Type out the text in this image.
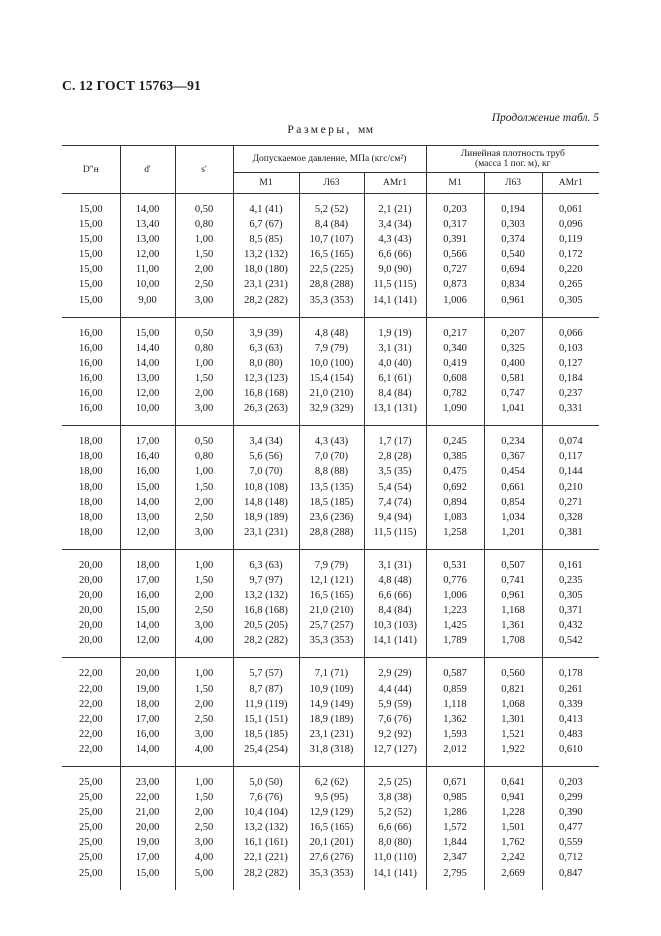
С. 12 ГОСТ 15763—91
Продолжение табл. 5
Размеры, мм
D"н	d'	s'	Допускаемое давление, МПа (кгс/см²)			Линейная плотность труб
(масса 1 пог. м), кг		
			М1	Л63	АМг1	М1	Л63	АМг1
15,00	14,00	0,50	4,1 (41)	5,2 (52)	2,1 (21)	0,203	0,194	0,061
15,00	13,40	0,80	6,7 (67)	8,4 (84)	3,4 (34)	0,317	0,303	0,096
15,00	13,00	1,00	8,5 (85)	10,7 (107)	4,3 (43)	0,391	0,374	0,119
15,00	12,00	1,50	13,2 (132)	16,5 (165)	6,6 (66)	0,566	0,540	0,172
15,00	11,00	2,00	18,0 (180)	22,5 (225)	9,0 (90)	0,727	0,694	0,220
15,00	10,00	2,50	23,1 (231)	28,8 (288)	11,5 (115)	0,873	0,834	0,265
15,00	9,00	3,00	28,2 (282)	35,3 (353)	14,1 (141)	1,006	0,961	0,305
16,00	15,00	0,50	3,9 (39)	4,8 (48)	1,9 (19)	0,217	0,207	0,066
16,00	14,40	0,80	6,3 (63)	7,9 (79)	3,1 (31)	0,340	0,325	0,103
16,00	14,00	1,00	8,0 (80)	10,0 (100)	4,0 (40)	0,419	0,400	0,127
16,00	13,00	1,50	12,3 (123)	15,4 (154)	6,1 (61)	0,608	0,581	0,184
16,00	12,00	2,00	16,8 (168)	21,0 (210)	8,4 (84)	0,782	0,747	0,237
16,00	10,00	3,00	26,3 (263)	32,9 (329)	13,1 (131)	1,090	1,041	0,331
18,00	17,00	0,50	3,4 (34)	4,3 (43)	1,7 (17)	0,245	0,234	0,074
18,00	16,40	0,80	5,6 (56)	7,0 (70)	2,8 (28)	0,385	0,367	0,117
18,00	16,00	1,00	7,0 (70)	8,8 (88)	3,5 (35)	0,475	0,454	0,144
18,00	15,00	1,50	10,8 (108)	13,5 (135)	5,4 (54)	0,692	0,661	0,210
18,00	14,00	2,00	14,8 (148)	18,5 (185)	7,4 (74)	0,894	0,854	0,271
18,00	13,00	2,50	18,9 (189)	23,6 (236)	9,4 (94)	1,083	1,034	0,328
18,00	12,00	3,00	23,1 (231)	28,8 (288)	11,5 (115)	1,258	1,201	0,381
20,00	18,00	1,00	6,3 (63)	7,9 (79)	3,1 (31)	0,531	0,507	0,161
20,00	17,00	1,50	9,7 (97)	12,1 (121)	4,8 (48)	0,776	0,741	0,235
20,00	16,00	2,00	13,2 (132)	16,5 (165)	6,6 (66)	1,006	0,961	0,305
20,00	15,00	2,50	16,8 (168)	21,0 (210)	8,4 (84)	1,223	1,168	0,371
20,00	14,00	3,00	20,5 (205)	25,7 (257)	10,3 (103)	1,425	1,361	0,432
20,00	12,00	4,00	28,2 (282)	35,3 (353)	14,1 (141)	1,789	1,708	0,542
22,00	20,00	1,00	5,7 (57)	7,1 (71)	2,9 (29)	0,587	0,560	0,178
22,00	19,00	1,50	8,7 (87)	10,9 (109)	4,4 (44)	0,859	0,821	0,261
22,00	18,00	2,00	11,9 (119)	14,9 (149)	5,9 (59)	1,118	1,068	0,339
22,00	17,00	2,50	15,1 (151)	18,9 (189)	7,6 (76)	1,362	1,301	0,413
22,00	16,00	3,00	18,5 (185)	23,1 (231)	9,2 (92)	1,593	1,521	0,483
22,00	14,00	4,00	25,4 (254)	31,8 (318)	12,7 (127)	2,012	1,922	0,610
25,00	23,00	1,00	5,0 (50)	6,2 (62)	2,5 (25)	0,671	0,641	0,203
25,00	22,00	1,50	7,6 (76)	9,5 (95)	3,8 (38)	0,985	0,941	0,299
25,00	21,00	2,00	10,4 (104)	12,9 (129)	5,2 (52)	1,286	1,228	0,390
25,00	20,00	2,50	13,2 (132)	16,5 (165)	6,6 (66)	1,572	1,501	0,477
25,00	19,00	3,00	16,1 (161)	20,1 (201)	8,0 (80)	1,844	1,762	0,559
25,00	17,00	4,00	22,1 (221)	27,6 (276)	11,0 (110)	2,347	2,242	0,712
25,00	15,00	5,00	28,2 (282)	35,3 (353)	14,1 (141)	2,795	2,669	0,847
